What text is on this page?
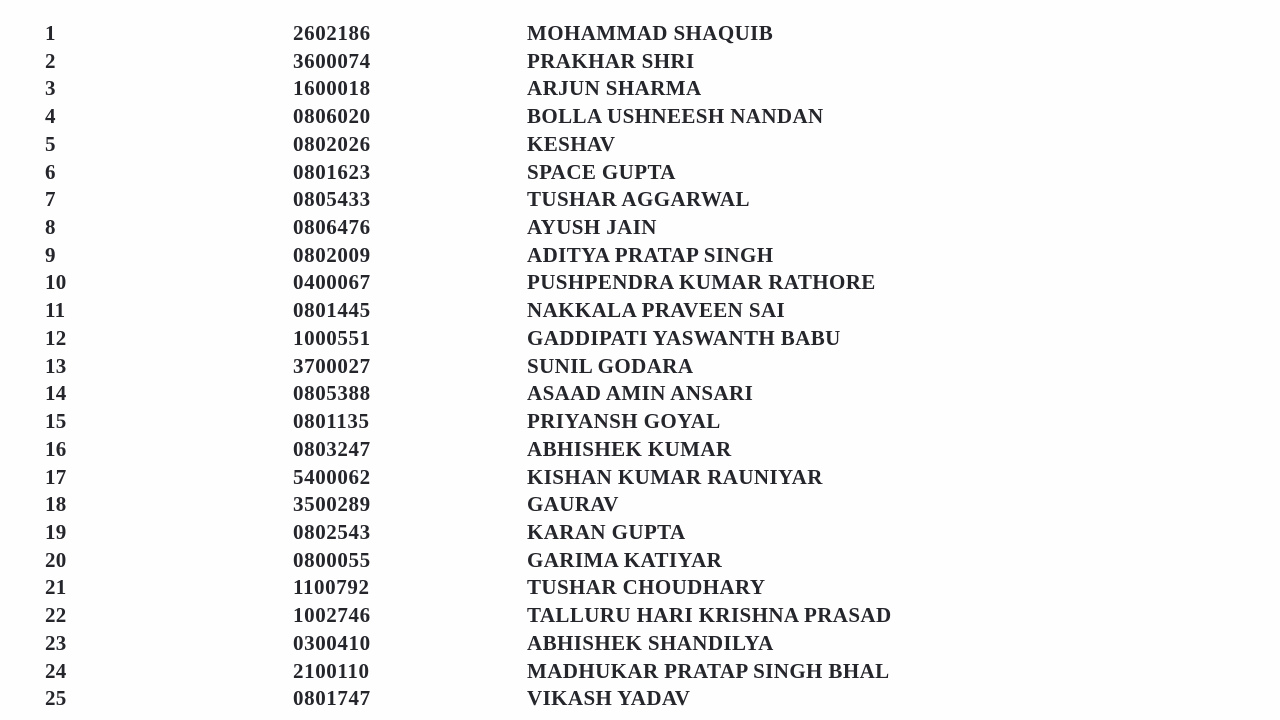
1	2602186	MOHAMMAD SHAQUIB
2	3600074	PRAKHAR SHRI
3	1600018	ARJUN SHARMA
4	0806020	BOLLA USHNEESH NANDAN
5	0802026	KESHAV
6	0801623	SPACE GUPTA
7	0805433	TUSHAR AGGARWAL
8	0806476	AYUSH JAIN
9	0802009	ADITYA PRATAP SINGH
10	0400067	PUSHPENDRA KUMAR RATHORE
11	0801445	NAKKALA PRAVEEN SAI
12	1000551	GADDIPATI YASWANTH BABU
13	3700027	SUNIL GODARA
14	0805388	ASAAD AMIN ANSARI
15	0801135	PRIYANSH GOYAL
16	0803247	ABHISHEK KUMAR
17	5400062	KISHAN KUMAR RAUNIYAR
18	3500289	GAURAV
19	0802543	KARAN GUPTA
20	0800055	GARIMA KATIYAR
21	1100792	TUSHAR CHOUDHARY
22	1002746	TALLURU HARI KRISHNA PRASAD
23	0300410	ABHISHEK SHANDILYA
24	2100110	MADHUKAR PRATAP SINGH BHAL
25	0801747	VIKASH YADAV
